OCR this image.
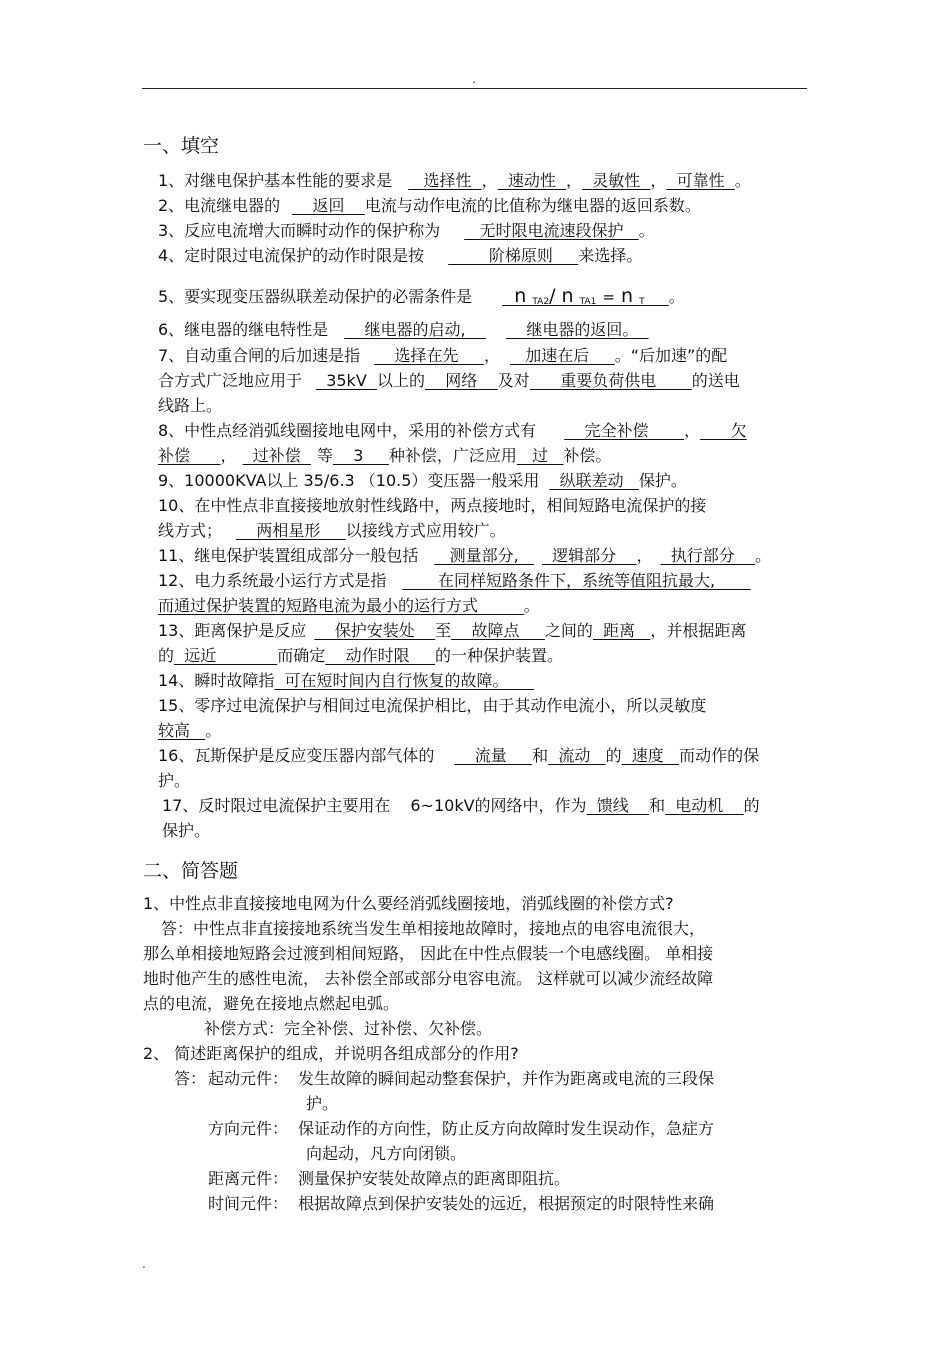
.
一、填空
1、对继电保护基本性能的要求是   选择性  ，  速动性  ，  灵敏性  ，  可靠性  。
2、电流继电器的    返回    电流与动作电流的比值称为继电器的返回系数。
3、反应电流增大而瞬时动作的保护称为   无时限电流速段保护   。
4、定时限过电流保护的动作时限是按        阶梯原则     来选择。
5、要实现变压器纵联差动保护的必需条件是 n $_{TA2}$/ n $_{TA1}$ = n $_T$ 。
6、继电器的继电特性是    继电器的启动,        继电器的返回。
7、自动重合闸的后加速是指    选择在先     ，   加速在后     。“后加速”的配
合方式广泛地应用于  35kV  以上的    网络    及对      重要负荷供电       的送电
线路上。
8、中性点经消弧线圈接地电网中，采用的补偿方式有    完全补偿       ，      欠
补偿      ，  过补偿  等    3     种补偿，广泛应用   过   补偿。
9、10000KVA以上 35/6.3 （10.5）变压器一般采用  纵联差动   保护。
10、在中性点非直接接地放射性线路中，两点接地时，相间短路电流保护的接
线方式；    两相星形     以接线方式应用较广。
11、继电保护装置组成部分一般包括   测量部分,     逻辑部分    ，  执行部分    。
12、电力系统最小运行方式是指       在同样短路条件下，系统等值阻抗最大,
而通过保护装置的短路电流为最小的运行方式         。
13、距离保护是反应    保护安装处    至    故障点     之间的  距离   ，并根据距离
的  远近            而确定    动作时限     的一种保护装置。
14、瞬时故障指  可在短时间内自行恢复的故障。
15、零序过电流保护与相间过电流保护相比，由于其动作电流小，所以灵敏度
较高   。
16、瓦斯保护是反应变压器内部气体的    流量     和  流动   的  速度   而动作的保
护。
17、反时限过电流保护主要用在 6~10kV的网络中，作为  馈线    和  电动机    的
保护。
二、简答题
1、中性点非直接接地电网为什么要经消弧线圈接地，消弧线圈的补偿方式?
答：中性点非直接接地系统当发生单相接地故障时，接地点的电容电流很大，
那么单相接地短路会过渡到相间短路， 因此在中性点假装一个电感线圈。 单相接
地时他产生的感性电流， 去补偿全部或部分电容电流。 这样就可以减少流经故障
点的电流，避免在接地点燃起电弧。
补偿方式：完全补偿、过补偿、欠补偿。
2、 简述距离保护的组成，并说明各组成部分的作用?
答： 起动元件： 发生故障的瞬间起动整套保护，并作为距离或电流的三段保
护。
方向元件： 保证动作的方向性，防止反方向故障时发生误动作，急症方
向起动，凡方向闭锁。
距离元件： 测量保护安装处故障点的距离即阻抗。
时间元件： 根据故障点到保护安装处的远近，根据预定的时限特性来确
.
